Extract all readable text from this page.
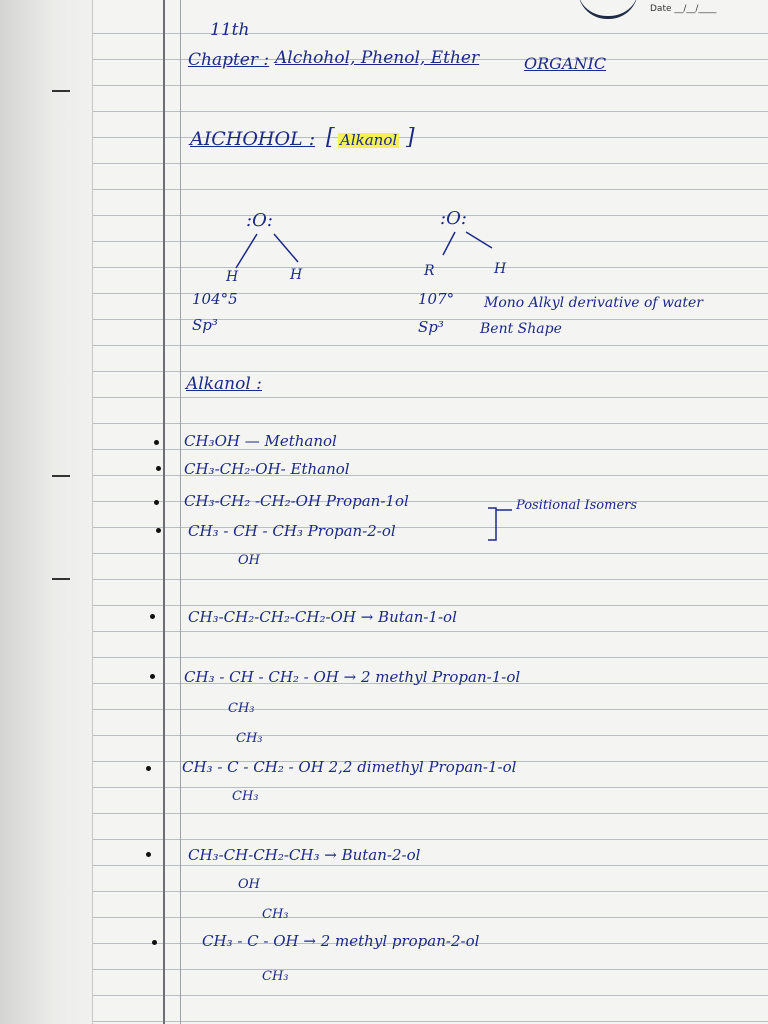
Date __/__/____
11th
Chapter : Alchohol, Phenol, Ether	ORGANIC
AICHOHOL : [ Alkanol ]
:O:
H	H
104°5
Sp³
:O:
R	H
107°
Sp³
Mono Alkyl derivative of water
Bent Shape
Alkanol :
CH₃OH — Methanol
CH₃-CH₂-OH- Ethanol
CH₃-CH₂ -CH₂-OH Propan-1ol	Positional Isomers
CH₃ - CH - CH₃ Propan-2-ol
OH
CH₃-CH₂-CH₂-CH₂-OH → Butan-1-ol
CH₃ - CH - CH₂ - OH → 2 methyl Propan-1-ol
CH₃
CH₃
CH₃ - C - CH₂ - OH 2,2 dimethyl Propan-1-ol
CH₃
CH₃-CH-CH₂-CH₃ → Butan-2-ol
OH
CH₃
CH₃ - C - OH → 2 methyl propan-2-ol
CH₃
